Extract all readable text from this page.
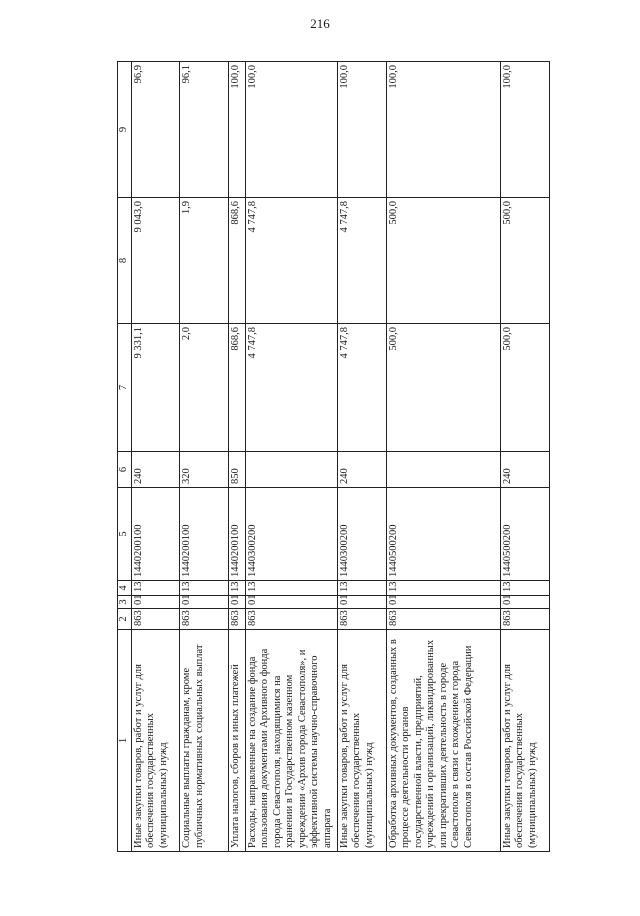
216
1	2	3	4	5	6	7	8	9
Иные закупки товаров, работ и услуг для обеспечения государственных (муниципальных) нужд	863	01	13	1440200100	240	9 331,1	9 043,0	96,9
Социальные выплаты гражданам, кроме публичных нормативных социальных выплат	863	01	13	1440200100	320	2,0	1,9	96,1
Уплата налогов, сборов и иных платежей	863	01	13	1440200100	850	868,6	868,6	100,0
Расходы, направленные на создание фонда пользования документами Архивного фонда города Севастополя, находящимися на хранении в Государственном казенном учреждении «Архив города Севастополя», и эффективной системы научно-справочного аппарата	863	01	13	1440300200		4 747,8	4 747,8	100,0
Иные закупки товаров, работ и услуг для обеспечения государственных (муниципальных) нужд	863	01	13	1440300200	240	4 747,8	4 747,8	100,0
Обработка архивных документов, созданных в процессе деятельности органов государственной власти, предприятий, учреждений и организаций, ликвидированных или прекративших деятельность в городе Севастополе в связи с вхождением города Севастополя в состав Российской Федерации	863	01	13	1440500200		500,0	500,0	100,0
Иные закупки товаров, работ и услуг для обеспечения государственных (муниципальных) нужд	863	01	13	1440500200	240	500,0	500,0	100,0
